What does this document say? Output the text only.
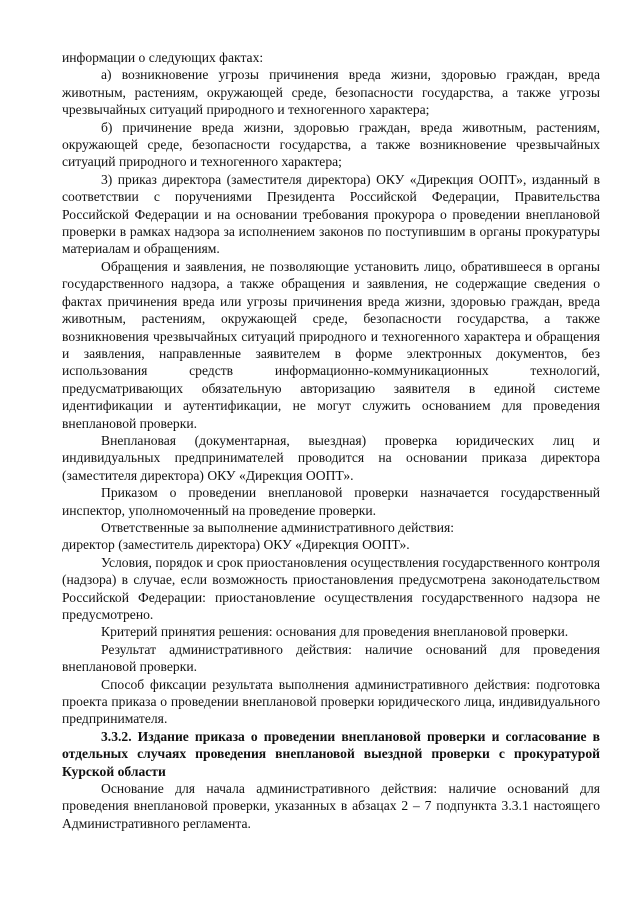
информации о следующих фактах:

а) возникновение угрозы причинения вреда жизни, здоровью граждан, вреда животным, растениям, окружающей среде, безопасности государства, а также угрозы чрезвычайных ситуаций природного и техногенного характера;

б) причинение вреда жизни, здоровью граждан, вреда животным, растениям, окружающей среде, безопасности государства, а также возникновение чрезвычайных ситуаций природного и техногенного характера;

3) приказ директора (заместителя директора) ОКУ «Дирекция ООПТ», изданный в соответствии с поручениями Президента Российской Федерации, Правительства Российской Федерации и на основании требования прокурора о проведении внеплановой проверки в рамках надзора за исполнением законов по поступившим в органы прокуратуры материалам и обращениям.

Обращения и заявления, не позволяющие установить лицо, обратившееся в органы государственного надзора, а также обращения и заявления, не содержащие сведения о фактах причинения вреда или угрозы причинения вреда жизни, здоровью граждан, вреда животным, растениям, окружающей среде, безопасности государства, а также возникновения чрезвычайных ситуаций природного и техногенного характера и обращения и заявления, направленные заявителем в форме электронных документов, без использования средств информационно-коммуникационных технологий, предусматривающих обязательную авторизацию заявителя в единой системе идентификации и аутентификации, не могут служить основанием для проведения внеплановой проверки.

Внеплановая (документарная, выездная) проверка юридических лиц и индивидуальных предпринимателей проводится на основании приказа директора (заместителя директора) ОКУ «Дирекция ООПТ».

Приказом о проведении внеплановой проверки назначается государственный инспектор, уполномоченный на проведение проверки.

Ответственные за выполнение административного действия:

директор (заместитель директора) ОКУ «Дирекция ООПТ».

Условия, порядок и срок приостановления осуществления государственного контроля (надзора) в случае, если возможность приостановления предусмотрена законодательством Российской Федерации: приостановление осуществления государственного надзора не предусмотрено.

Критерий принятия решения: основания для проведения внеплановой проверки.

Результат административного действия: наличие оснований для проведения внеплановой проверки.

Способ фиксации результата выполнения административного действия: подготовка проекта приказа о проведении внеплановой проверки юридического лица, индивидуального предпринимателя.

3.3.2. Издание приказа о проведении внеплановой проверки и согласование в отдельных случаях проведения внеплановой выездной проверки с прокуратурой Курской области

Основание для начала административного действия: наличие оснований для проведения внеплановой проверки, указанных в абзацах 2 – 7 подпункта 3.3.1 настоящего Административного регламента.
